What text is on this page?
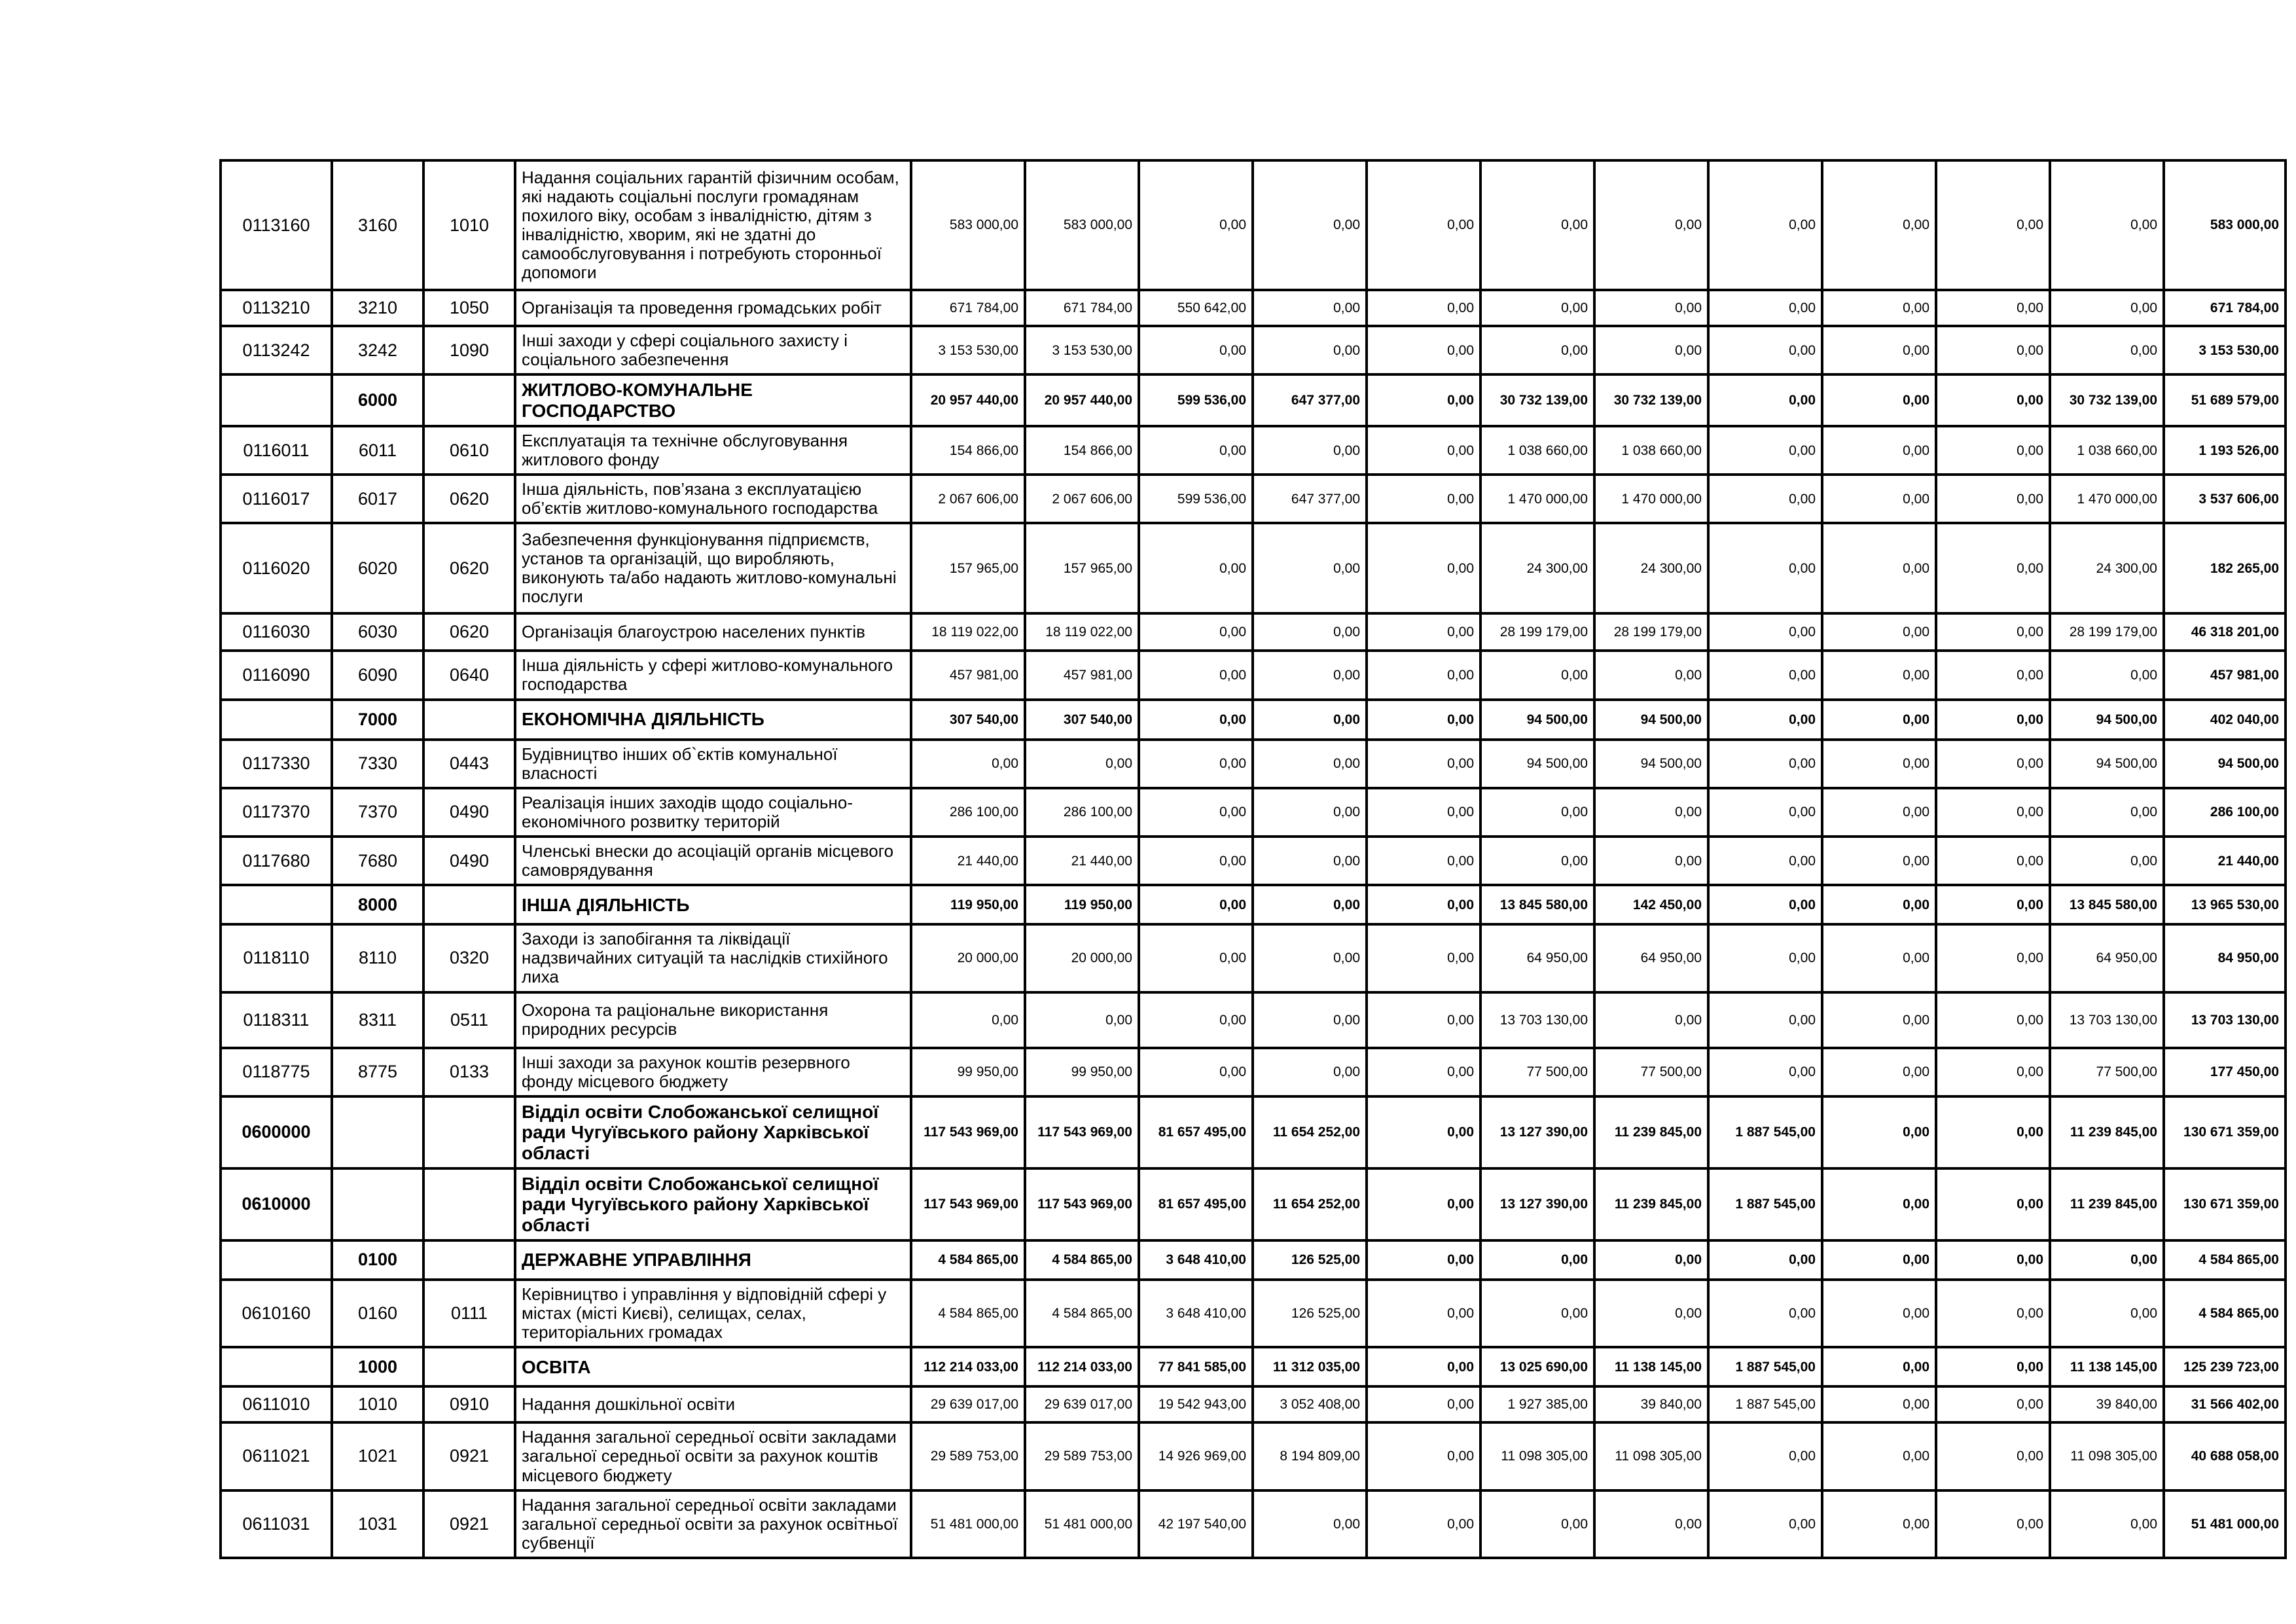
0113160	3160	1010	Надання соціальних гарантій фізичним особам, які надають соціальні послуги громадянам похилого віку, особам з інвалідністю, дітям з інвалідністю, хворим, які не здатні до самообслуговування і потребують сторонньої допомоги	583 000,00	583 000,00	0,00	0,00	0,00	0,00	0,00	0,00	0,00	0,00	0,00	583 000,00
0113210	3210	1050	Організація та проведення громадських робіт	671 784,00	671 784,00	550 642,00	0,00	0,00	0,00	0,00	0,00	0,00	0,00	0,00	671 784,00
0113242	3242	1090	Інші заходи у сфері соціального захисту і соціального забезпечення	3 153 530,00	3 153 530,00	0,00	0,00	0,00	0,00	0,00	0,00	0,00	0,00	0,00	3 153 530,00
	6000		ЖИТЛОВО-КОМУНАЛЬНЕ ГОСПОДАРСТВО	20 957 440,00	20 957 440,00	599 536,00	647 377,00	0,00	30 732 139,00	30 732 139,00	0,00	0,00	0,00	30 732 139,00	51 689 579,00
0116011	6011	0610	Експлуатація та технічне обслуговування житлового фонду	154 866,00	154 866,00	0,00	0,00	0,00	1 038 660,00	1 038 660,00	0,00	0,00	0,00	1 038 660,00	1 193 526,00
0116017	6017	0620	Інша діяльність, пов’язана з експлуатацією об’єктів житлово-комунального господарства	2 067 606,00	2 067 606,00	599 536,00	647 377,00	0,00	1 470 000,00	1 470 000,00	0,00	0,00	0,00	1 470 000,00	3 537 606,00
0116020	6020	0620	Забезпечення функціонування підприємств, установ та організацій, що виробляють, виконують та/або надають житлово-комунальні послуги	157 965,00	157 965,00	0,00	0,00	0,00	24 300,00	24 300,00	0,00	0,00	0,00	24 300,00	182 265,00
0116030	6030	0620	Організація благоустрою населених пунктів	18 119 022,00	18 119 022,00	0,00	0,00	0,00	28 199 179,00	28 199 179,00	0,00	0,00	0,00	28 199 179,00	46 318 201,00
0116090	6090	0640	Інша діяльність у сфері житлово-комунального господарства	457 981,00	457 981,00	0,00	0,00	0,00	0,00	0,00	0,00	0,00	0,00	0,00	457 981,00
	7000		ЕКОНОМІЧНА ДІЯЛЬНІСТЬ	307 540,00	307 540,00	0,00	0,00	0,00	94 500,00	94 500,00	0,00	0,00	0,00	94 500,00	402 040,00
0117330	7330	0443	Будівництво інших об`єктів комунальної власності	0,00	0,00	0,00	0,00	0,00	94 500,00	94 500,00	0,00	0,00	0,00	94 500,00	94 500,00
0117370	7370	0490	Реалізація інших заходів щодо соціально-економічного розвитку територій	286 100,00	286 100,00	0,00	0,00	0,00	0,00	0,00	0,00	0,00	0,00	0,00	286 100,00
0117680	7680	0490	Членські внески до асоціацій органів місцевого самоврядування	21 440,00	21 440,00	0,00	0,00	0,00	0,00	0,00	0,00	0,00	0,00	0,00	21 440,00
	8000		ІНША ДІЯЛЬНІСТЬ	119 950,00	119 950,00	0,00	0,00	0,00	13 845 580,00	142 450,00	0,00	0,00	0,00	13 845 580,00	13 965 530,00
0118110	8110	0320	Заходи із запобігання та ліквідації надзвичайних ситуацій та наслідків стихійного лиха	20 000,00	20 000,00	0,00	0,00	0,00	64 950,00	64 950,00	0,00	0,00	0,00	64 950,00	84 950,00
0118311	8311	0511	Охорона та раціональне використання природних ресурсів	0,00	0,00	0,00	0,00	0,00	13 703 130,00	0,00	0,00	0,00	0,00	13 703 130,00	13 703 130,00
0118775	8775	0133	Інші заходи за рахунок коштів резервного фонду місцевого бюджету	99 950,00	99 950,00	0,00	0,00	0,00	77 500,00	77 500,00	0,00	0,00	0,00	77 500,00	177 450,00
0600000			Відділ освіти Слобожанської селищної ради Чугуївського району Харківської області	117 543 969,00	117 543 969,00	81 657 495,00	11 654 252,00	0,00	13 127 390,00	11 239 845,00	1 887 545,00	0,00	0,00	11 239 845,00	130 671 359,00
0610000			Відділ освіти Слобожанської селищної ради Чугуївського району Харківської області	117 543 969,00	117 543 969,00	81 657 495,00	11 654 252,00	0,00	13 127 390,00	11 239 845,00	1 887 545,00	0,00	0,00	11 239 845,00	130 671 359,00
	0100		ДЕРЖАВНЕ УПРАВЛІННЯ	4 584 865,00	4 584 865,00	3 648 410,00	126 525,00	0,00	0,00	0,00	0,00	0,00	0,00	0,00	4 584 865,00
0610160	0160	0111	Керівництво і управління у відповідній сфері у містах (місті Києві), селищах, селах, територіальних громадах	4 584 865,00	4 584 865,00	3 648 410,00	126 525,00	0,00	0,00	0,00	0,00	0,00	0,00	0,00	4 584 865,00
	1000		ОСВІТА	112 214 033,00	112 214 033,00	77 841 585,00	11 312 035,00	0,00	13 025 690,00	11 138 145,00	1 887 545,00	0,00	0,00	11 138 145,00	125 239 723,00
0611010	1010	0910	Надання дошкільної освіти	29 639 017,00	29 639 017,00	19 542 943,00	3 052 408,00	0,00	1 927 385,00	39 840,00	1 887 545,00	0,00	0,00	39 840,00	31 566 402,00
0611021	1021	0921	Надання загальної середньої освіти закладами загальної середньої освіти за рахунок коштів місцевого бюджету	29 589 753,00	29 589 753,00	14 926 969,00	8 194 809,00	0,00	11 098 305,00	11 098 305,00	0,00	0,00	0,00	11 098 305,00	40 688 058,00
0611031	1031	0921	Надання загальної середньої освіти закладами загальної середньої освіти за рахунок освітньої субвенції	51 481 000,00	51 481 000,00	42 197 540,00	0,00	0,00	0,00	0,00	0,00	0,00	0,00	0,00	51 481 000,00
